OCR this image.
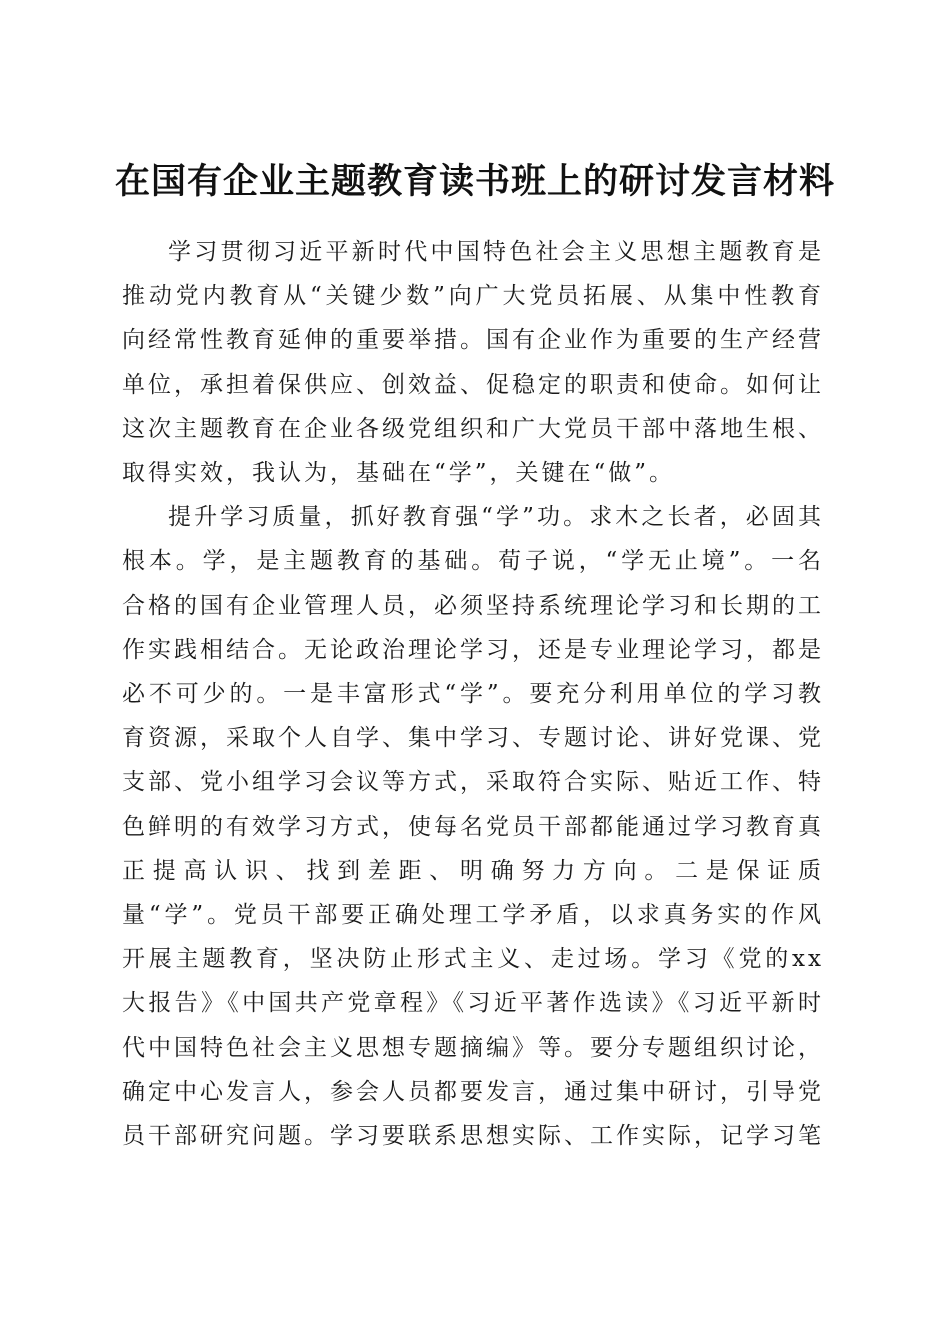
在国有企业主题教育读书班上的研讨发言材料

学习贯彻习近平新时代中国特色社会主义思想主题教育是推动党内教育从“关键少数”向广大党员拓展、从集中性教育向经常性教育延伸的重要举措。国有企业作为重要的生产经营单位，承担着保供应、创效益、促稳定的职责和使命。如何让这次主题教育在企业各级党组织和广大党员干部中落地生根、取得实效，我认为，基础在“学”，关键在“做”。

提升学习质量，抓好教育强“学”功。求木之长者，必固其根本。学，是主题教育的基础。荀子说，“学无止境”。一名合格的国有企业管理人员，必须坚持系统理论学习和长期的工作实践相结合。无论政治理论学习，还是专业理论学习，都是必不可少的。一是丰富形式“学”。要充分利用单位的学习教育资源，采取个人自学、集中学习、专题讨论、讲好党课、党支部、党小组学习会议等方式，采取符合实际、贴近工作、特色鲜明的有效学习方式，使每名党员干部都能通过学习教育真正提高认识、找到差距、明确努力方向。二是保证质量“学”。党员干部要正确处理工学矛盾，以求真务实的作风开展主题教育，坚决防止形式主义、走过场。学习《党的xx大报告》《中国共产党章程》《习近平著作选读》《习近平新时代中国特色社会主义思想专题摘编》等。要分专题组织讨论，确定中心发言人，参会人员都要发言，通过集中研讨，引导党员干部研究问题。学习要联系思想实际、工作实际，记学习笔
